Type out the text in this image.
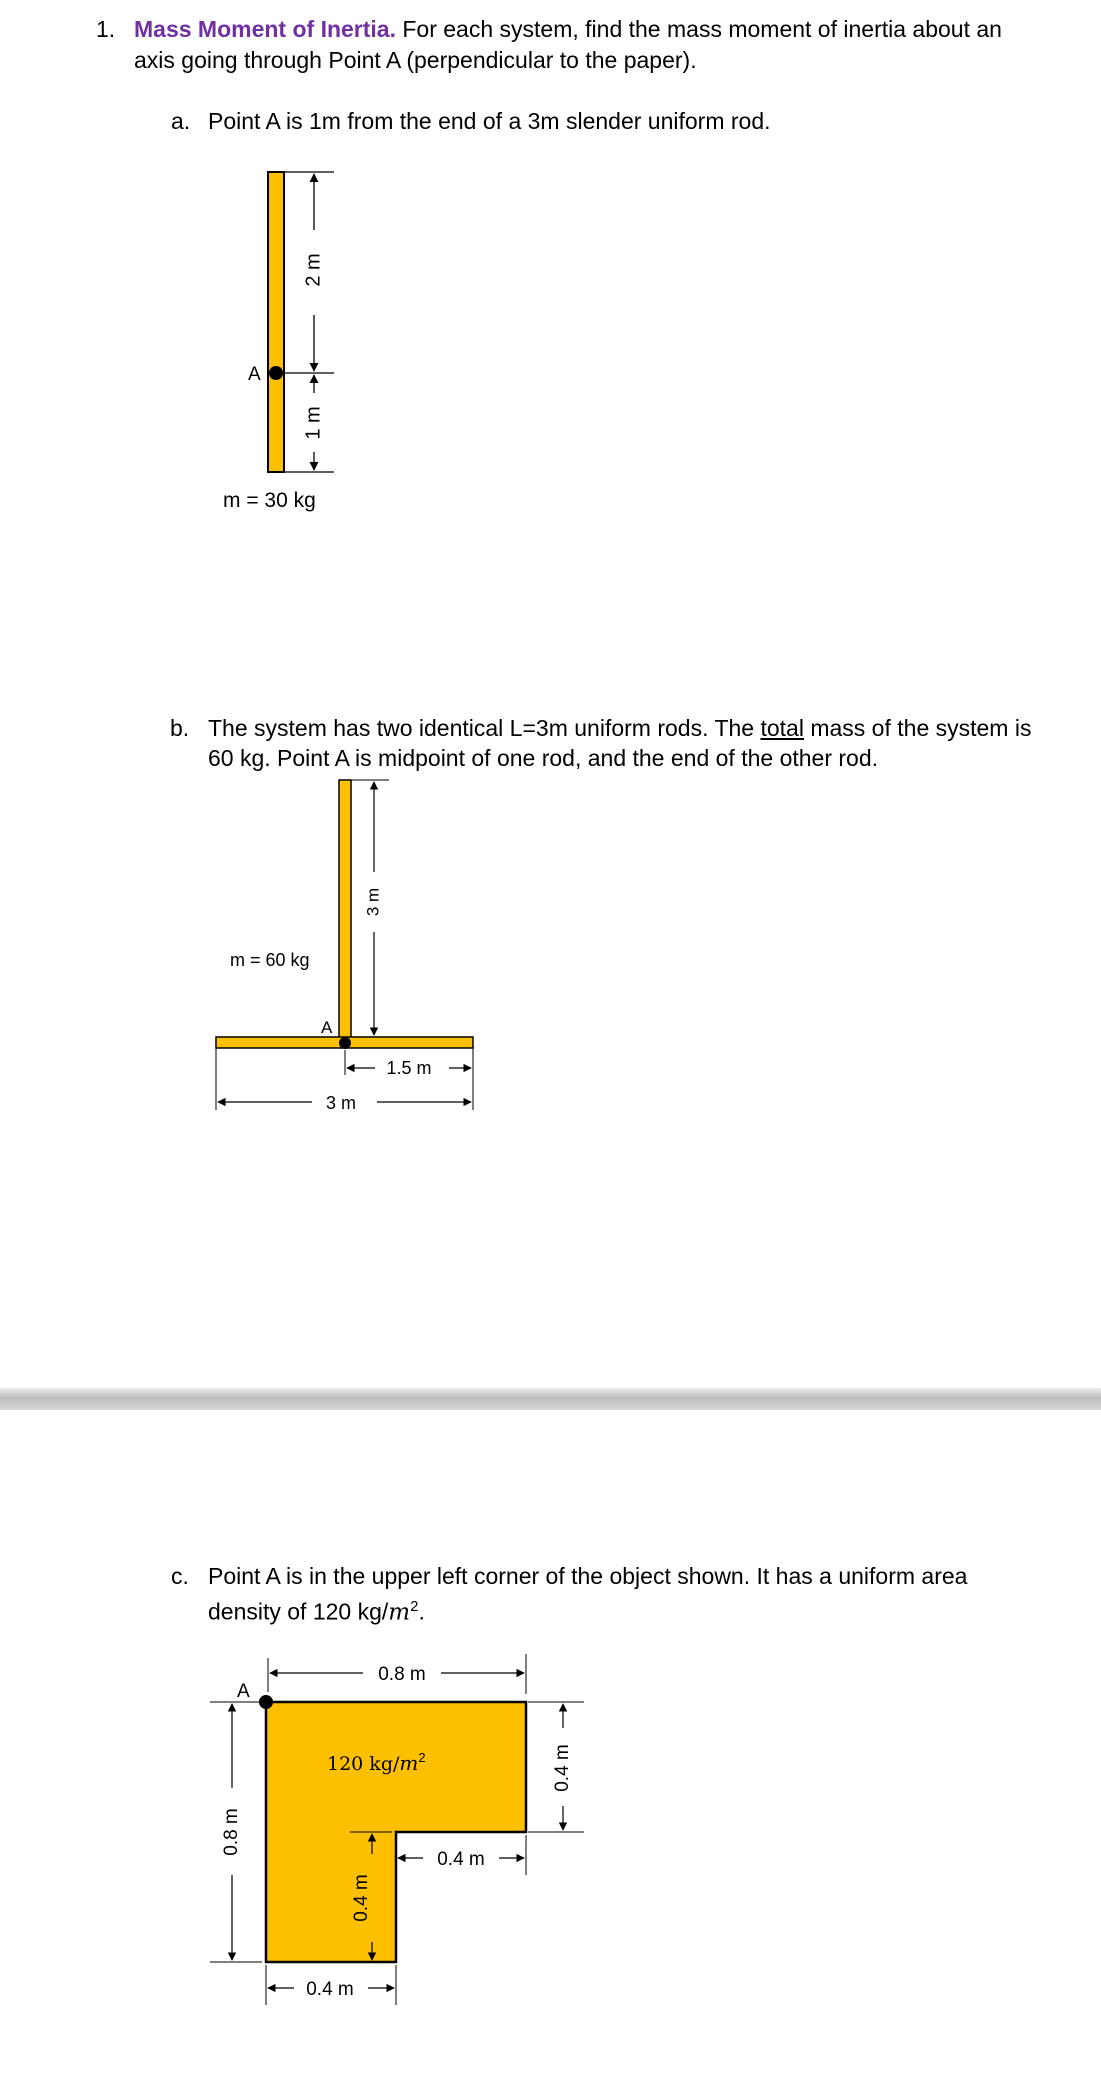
1. Mass Moment of Inertia. For each system, find the mass moment of inertia about an
axis going through Point A (perpendicular to the paper).
a. Point A is 1m from the end of a 3m slender uniform rod.
2 m
1 m
A
m = 30 kg
A
m = 60 kg
3 m
1.5 m
3 m
b. The system has two identical L=3m uniform rods. The total mass of the system is
60 kg. Point A is midpoint of one rod, and the end of the other rod.
c. Point A is in the upper left corner of the object shown. It has a uniform area
density of 120 $kg/m^2$.
A
0.8 m
120 $kg/m^2$	0.4 m
0.4 m
0.4 m
0.8 m
0.4 m
